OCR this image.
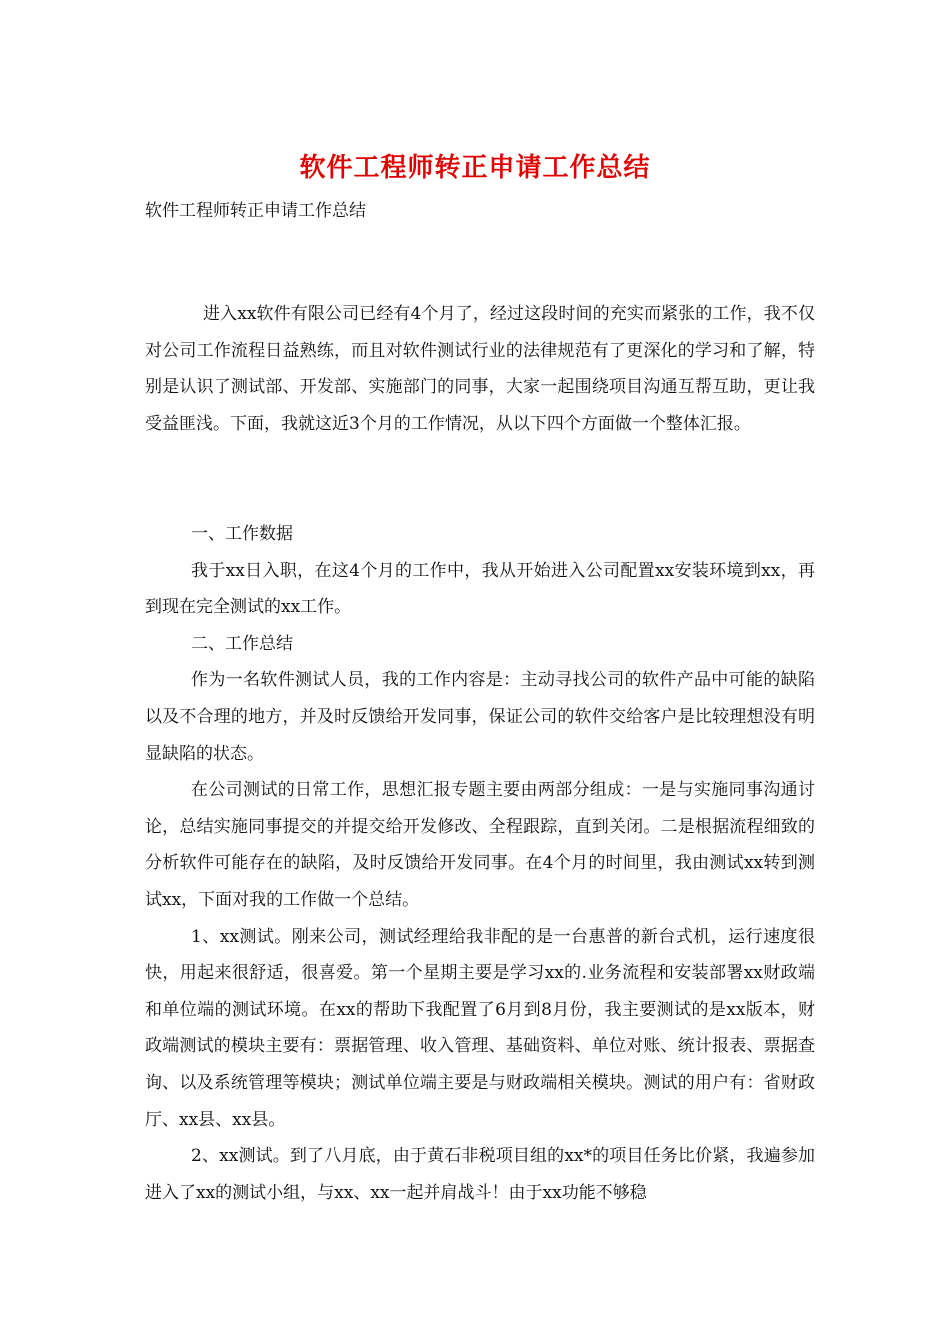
软件工程师转正申请工作总结
软件工程师转正申请工作总结

进入xx软件有限公司已经有4个月了，经过这段时间的充实而紧张的工作，我不仅对公司工作流程日益熟练，而且对软件测试行业的法律规范有了更深化的学习和了解，特别是认识了测试部、开发部、实施部门的同事，大家一起围绕项目沟通互帮互助，更让我受益匪浅。下面，我就这近3个月的工作情况，从以下四个方面做一个整体汇报。

一、工作数据

我于xx日入职，在这4个月的工作中，我从开始进入公司配置xx安装环境到xx，再到现在完全测试的xx工作。

二、工作总结

作为一名软件测试人员，我的工作内容是：主动寻找公司的软件产品中可能的缺陷以及不合理的地方，并及时反馈给开发同事，保证公司的软件交给客户是比较理想没有明显缺陷的状态。

在公司测试的日常工作，思想汇报专题主要由两部分组成：一是与实施同事沟通讨论，总结实施同事提交的并提交给开发修改、全程跟踪，直到关闭。二是根据流程细致的分析软件可能存在的缺陷，及时反馈给开发同事。在4个月的时间里，我由测试xx转到测试xx，下面对我的工作做一个总结。

1、xx测试。刚来公司，测试经理给我非配的是一台惠普的新台式机，运行速度很快，用起来很舒适，很喜爱。第一个星期主要是学习xx的.业务流程和安装部署xx财政端和单位端的测试环境。在xx的帮助下我配置了6月到8月份，我主要测试的是xx版本，财政端测试的模块主要有：票据管理、收入管理、基础资料、单位对账、统计报表、票据查询、以及系统管理等模块；测试单位端主要是与财政端相关模块。测试的用户有：省财政厅、xx县、xx县。

2、xx测试。到了八月底，由于黄石非税项目组的xx*的项目任务比价紧，我遍参加进入了xx的测试小组，与xx、xx一起并肩战斗！由于xx功能不够稳
